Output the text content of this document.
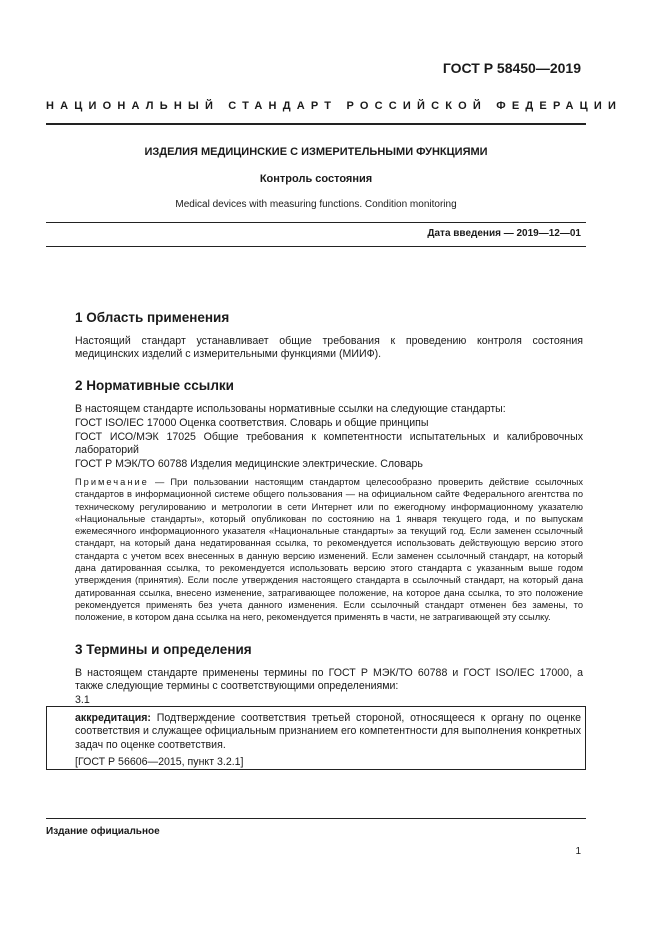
ГОСТ Р 58450—2019
НАЦИОНАЛЬНЫЙ СТАНДАРТ РОССИЙСКОЙ ФЕДЕРАЦИИ
ИЗДЕЛИЯ МЕДИЦИНСКИЕ С ИЗМЕРИТЕЛЬНЫМИ ФУНКЦИЯМИ
Контроль состояния
Medical devices with measuring functions. Condition monitoring
Дата введения — 2019—12—01
1 Область применения
Настоящий стандарт устанавливает общие требования к проведению контроля состояния медицинских изделий с измерительными функциями (МИИФ).
2 Нормативные ссылки
В настоящем стандарте использованы нормативные ссылки на следующие стандарты:
ГОСТ ISO/IEC 17000 Оценка соответствия. Словарь и общие принципы
ГОСТ ИСО/МЭК 17025 Общие требования к компетентности испытательных и калибровочных лабораторий
ГОСТ Р МЭК/ТО 60788 Изделия медицинские электрические. Словарь
Примечание — При пользовании настоящим стандартом целесообразно проверить действие ссылочных стандартов в информационной системе общего пользования — на официальном сайте Федерального агентства по техническому регулированию и метрологии в сети Интернет или по ежегодному информационному указателю «Национальные стандарты», который опубликован по состоянию на 1 января текущего года, и по выпускам ежемесячного информационного указателя «Национальные стандарты» за текущий год. Если заменен ссылочный стандарт, на который дана недатированная ссылка, то рекомендуется использовать действующую версию этого стандарта с учетом всех внесенных в данную версию изменений. Если заменен ссылочный стандарт, на который дана датированная ссылка, то рекомендуется использовать версию этого стандарта с указанным выше годом утверждения (принятия). Если после утверждения настоящего стандарта в ссылочный стандарт, на который дана датированная ссылка, внесено изменение, затрагивающее положение, на которое дана ссылка, то это положение рекомендуется применять без учета данного изменения. Если ссылочный стандарт отменен без замены, то положение, в котором дана ссылка на него, рекомендуется применять в части, не затрагивающей эту ссылку.
3 Термины и определения
В настоящем стандарте применены термины по ГОСТ Р МЭК/ТО 60788 и ГОСТ ISO/IEC 17000, а также следующие термины с соответствующими определениями:
3.1
аккредитация: Подтверждение соответствия третьей стороной, относящееся к органу по оценке соответствия и служащее официальным признанием его компетентности для выполнения конкретных задач по оценке соответствия.
[ГОСТ Р 56606—2015, пункт 3.2.1]
Издание официальное
1
